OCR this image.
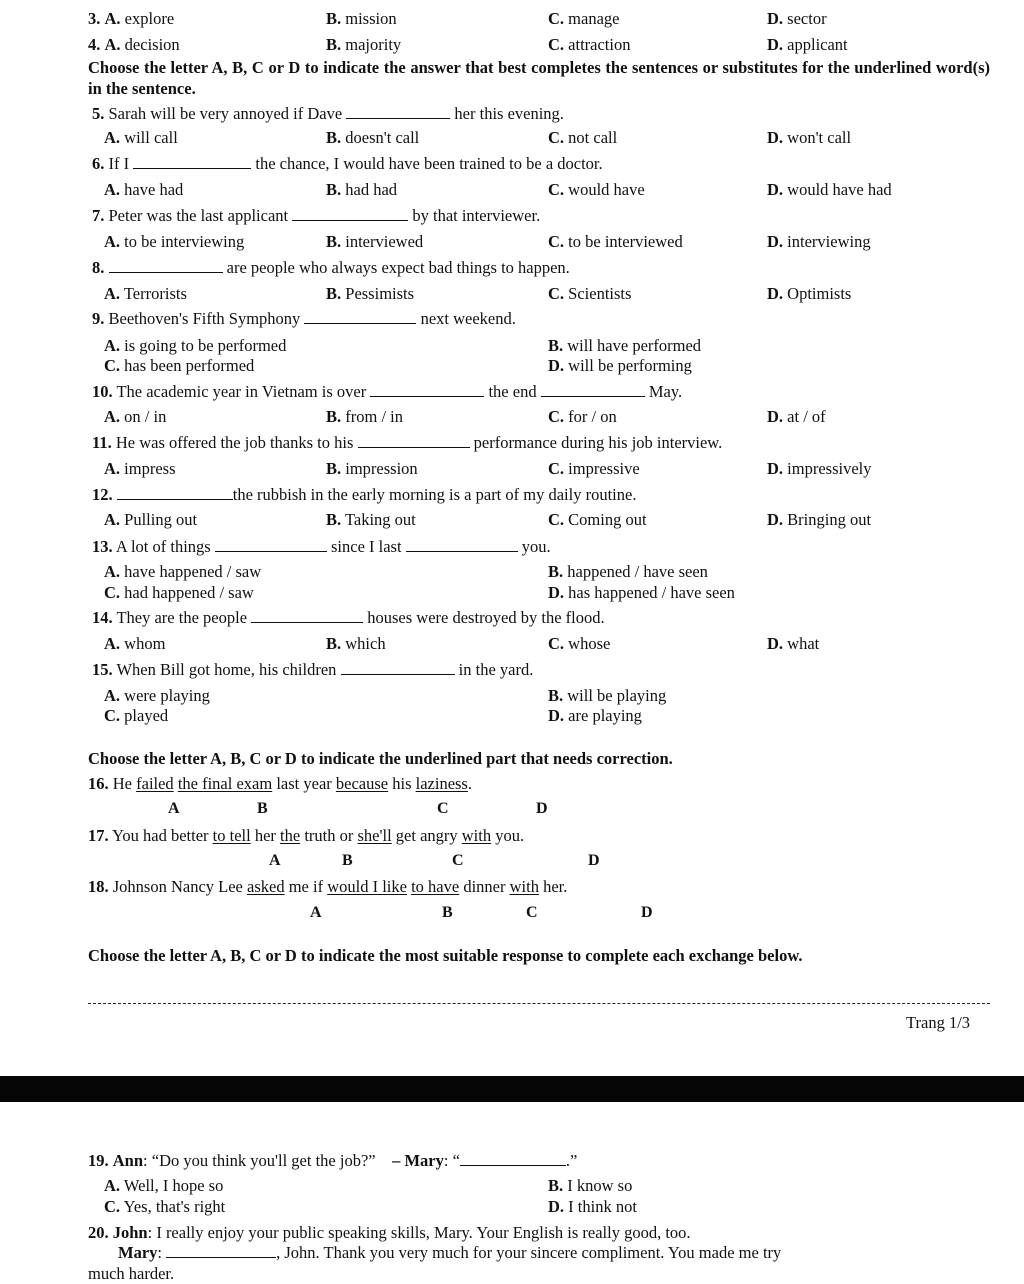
3. A. explore	B. mission	C. manage	D. sector
4. A. decision	B. majority	C. attraction	D. applicant
Choose the letter A, B, C or D to indicate the answer that best completes the sentences or substitutes for the underlined word(s) in the sentence.
5. Sarah will be very annoyed if Dave	her this evening.
A. will call	B. doesn't call	C. not call	D. won't call
6. If I	the chance, I would have been trained to be a doctor.
A. have had	B. had had	C. would have	D. would have had
7. Peter was the last applicant	by that interviewer.
A. to be interviewing	B. interviewed	C. to be interviewed	D. interviewing
8.	are people who always expect bad things to happen.
A. Terrorists	B. Pessimists	C. Scientists	D. Optimists
9. Beethoven's Fifth Symphony	next weekend.
A. is going to be performed	B. will have performed
C. has been performed	D. will be performing
10. The academic year in Vietnam is over	the end	May.
A. on / in	B. from / in	C. for / on	D. at / of
11. He was offered the job thanks to his	performance during his job interview.
A. impress	B. impression	C. impressive	D. impressively
12.	the rubbish in the early morning is a part of my daily routine.
A. Pulling out	B. Taking out	C. Coming out	D. Bringing out
13. A lot of things	since I last	you.
A. have happened / saw	B. happened / have seen
C. had happened / saw	D. has happened / have seen
14. They are the people	houses were destroyed by the flood.
A. whom	B. which	C. whose	D. what
15. When Bill got home, his children	in the yard.
A. were playing	B. will be playing
C. played	D. are playing
Choose the letter A, B, C or D to indicate the underlined part that needs correction.
16. He failed the final exam last year because his laziness.
A	B	C	D
17. You had better to tell her the truth or she'll get angry with you.
A	B	C	D
18. Johnson Nancy Lee asked me if would I like to have dinner with her.
A	B	C	D
Choose the letter A, B, C or D to indicate the most suitable response to complete each exchange below.
Trang 1/3
19. Ann: “Do you think you'll get the job?” – Mary: “	.”
A. Well, I hope so	B. I know so
C. Yes, that's right	D. I think not
20. John: I really enjoy your public speaking skills, Mary. Your English is really good, too.
Mary:	, John. Thank you very much for your sincere compliment. You made me try
much harder.
